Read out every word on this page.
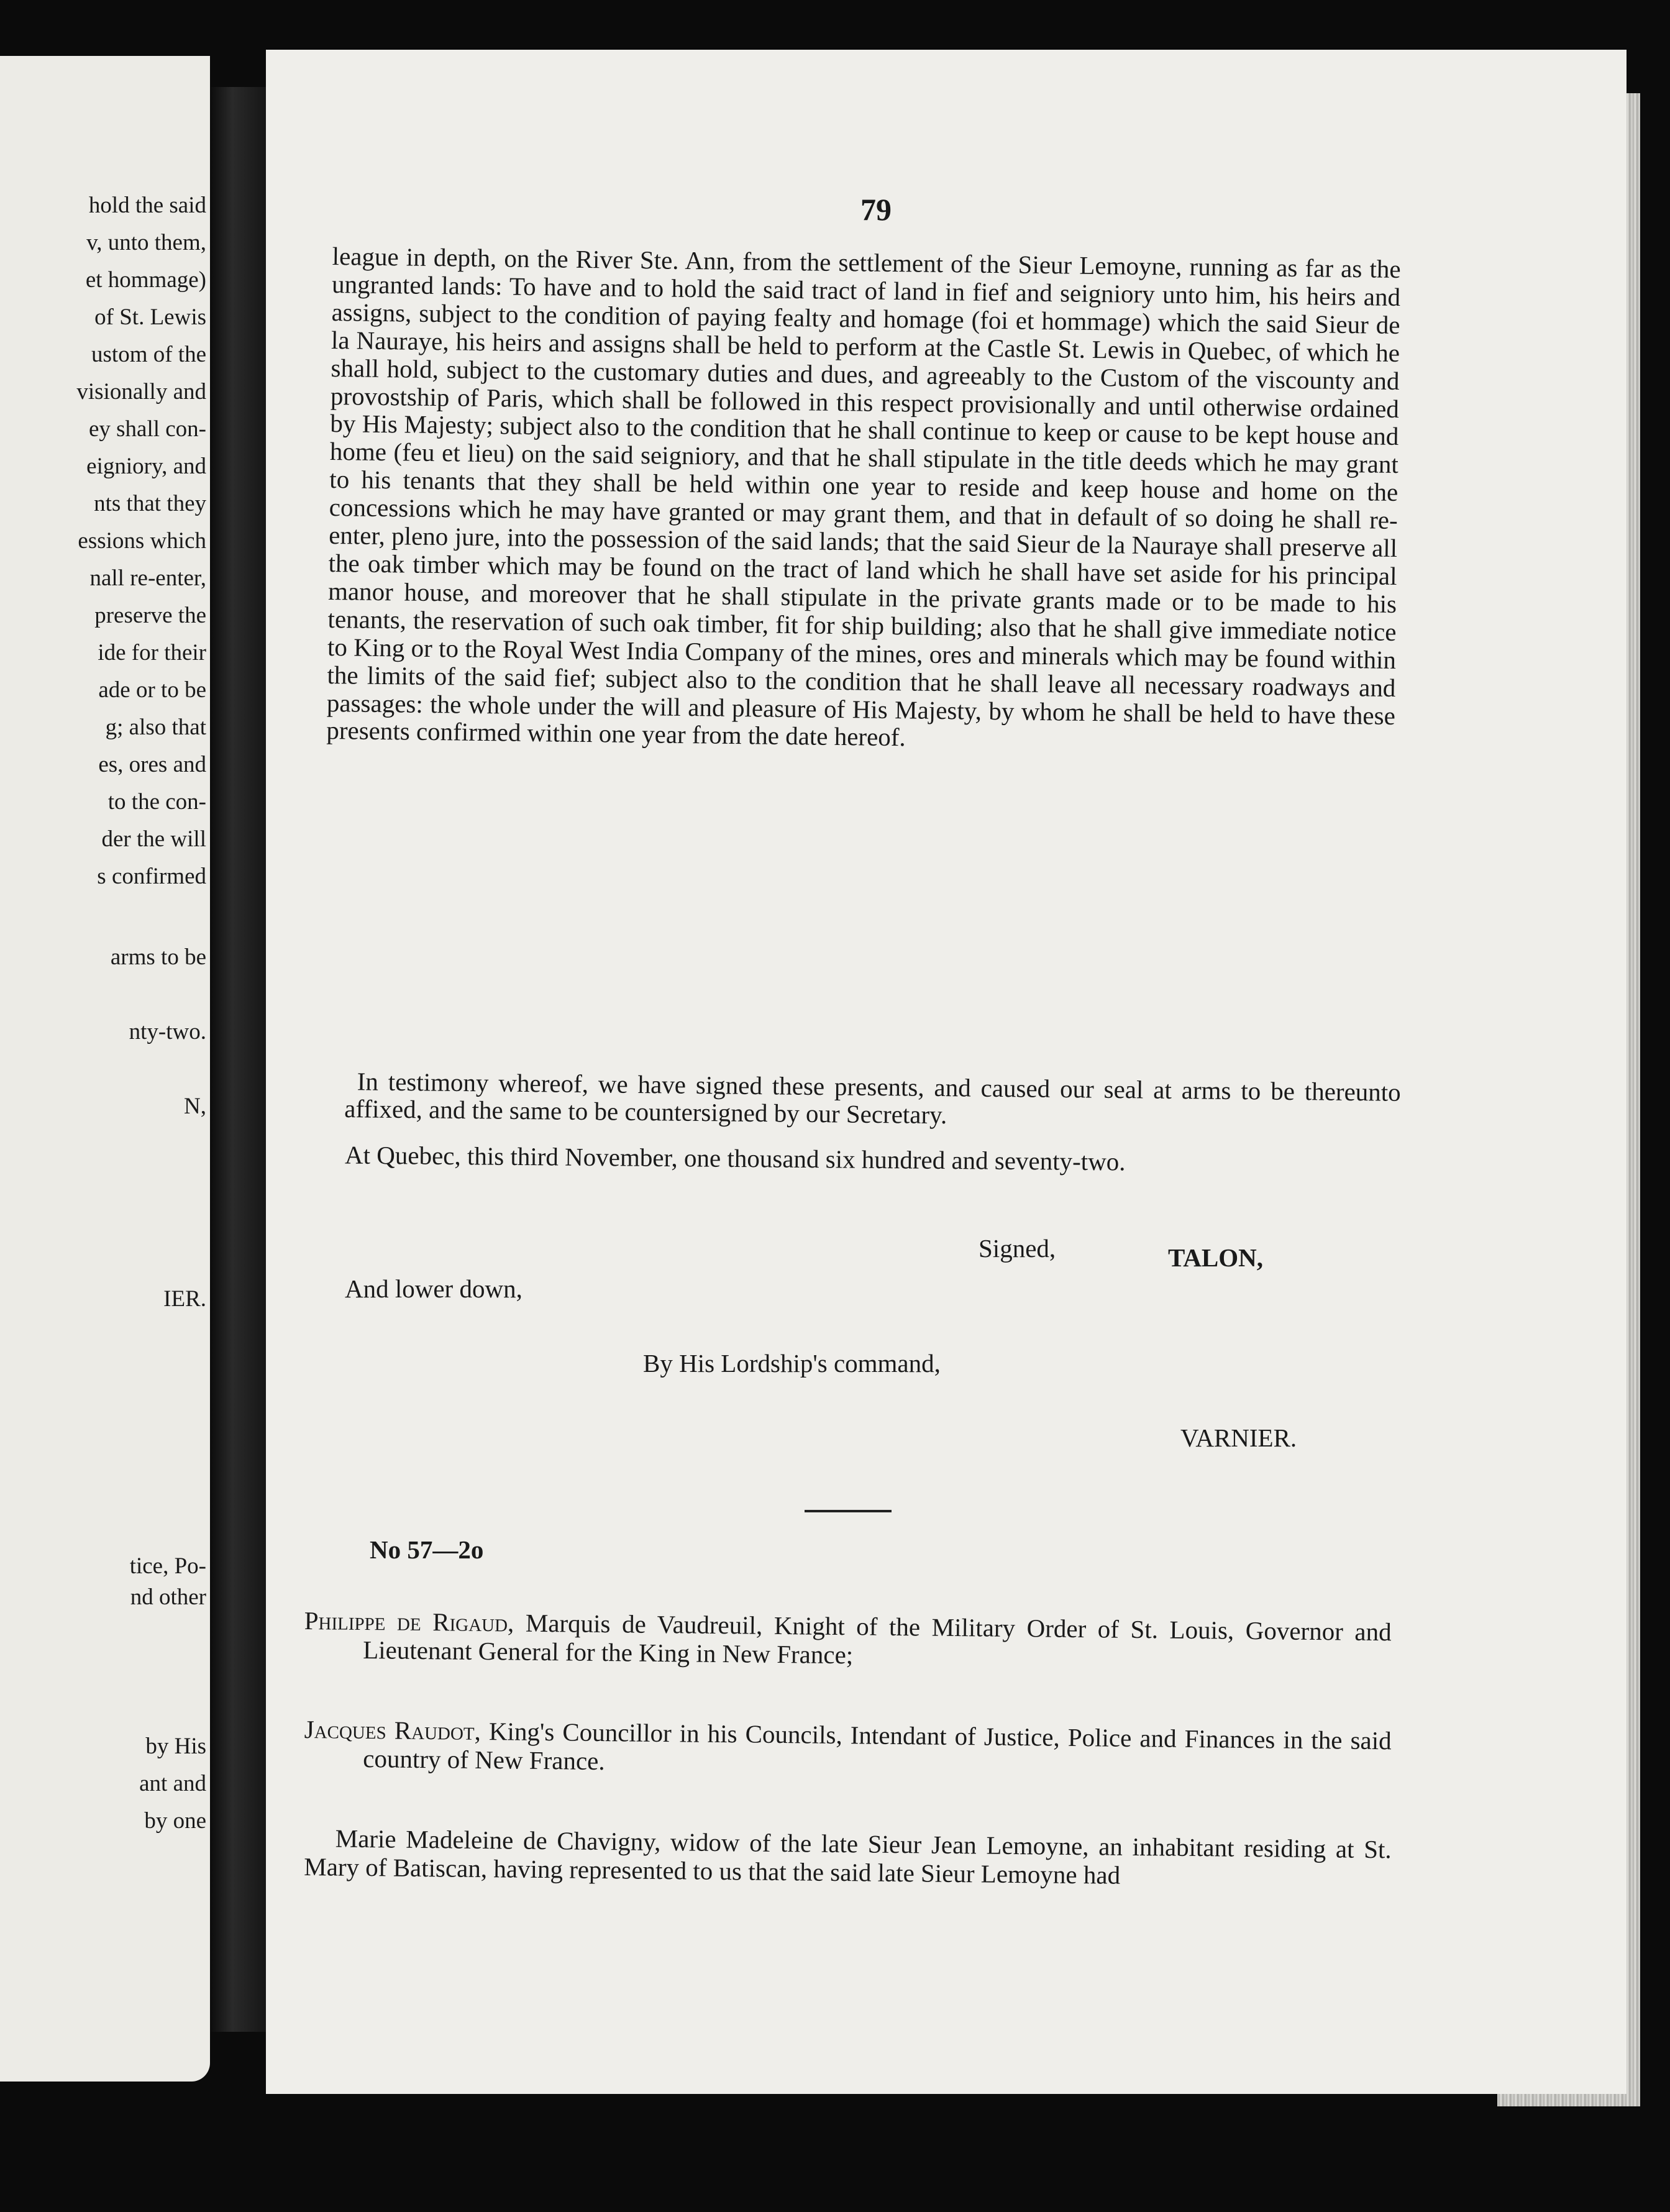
hold the said
v, unto them,
et hommage)
of St. Lewis
ustom of the
visionally and
ey shall con-
eigniory, and
nts that they
essions which
nall re-enter,
preserve the
ide for their
ade or to be
g; also that
es, ores and
to the con-
der the will
s confirmed
arms to be
nty-two.
N,
IER.
tice, Po-
nd other
by His
ant and
by one
79

league in depth, on the River Ste. Ann, from the settlement of the Sieur Lemoyne, running as far as the ungranted lands: To have and to hold the said tract of land in fief and seigniory unto him, his heirs and assigns, subject to the condition of paying fealty and homage (foi et hommage) which the said Sieur de la Nauraye, his heirs and assigns shall be held to perform at the Castle St. Lewis in Quebec, of which he shall hold, subject to the customary duties and dues, and agreeably to the Custom of the viscounty and provostship of Paris, which shall be followed in this respect provisionally and until otherwise ordained by His Majesty; subject also to the condition that he shall continue to keep or cause to be kept house and home (feu et lieu) on the said seigniory, and that he shall stipulate in the title deeds which he may grant to his tenants that they shall be held within one year to reside and keep house and home on the concessions which he may have granted or may grant them, and that in default of so doing he shall re-enter, pleno jure, into the possession of the said lands; that the said Sieur de la Nauraye shall preserve all the oak timber which may be found on the tract of land which he shall have set aside for his principal manor house, and moreover that he shall stipulate in the private grants made or to be made to his tenants, the reservation of such oak timber, fit for ship building; also that he shall give immediate notice to King or to the Royal West India Company of the mines, ores and minerals which may be found within the limits of the said fief; subject also to the condition that he shall leave all necessary roadways and passages: the whole under the will and pleasure of His Majesty, by whom he shall be held to have these presents confirmed within one year from the date hereof.

In testimony whereof, we have signed these presents, and caused our seal at arms to be thereunto affixed, and the same to be countersigned by our Secretary.
At Quebec, this third November, one thousand six hundred and seventy-two.
Signed,	TALON,
And lower down,
By His Lordship's command,
VARNIER.
No 57—2o
Philippe de Rigaud, Marquis de Vaudreuil, Knight of the Military Order of St. Louis, Governor and Lieutenant General for the King in New France;
Jacques Raudot, King's Councillor in his Councils, Intendant of Justice, Police and Finances in the said country of New France.
Marie Madeleine de Chavigny, widow of the late Sieur Jean Lemoyne, an inhabitant residing at St. Mary of Batiscan, having represented to us that the said late Sieur Lemoyne had
